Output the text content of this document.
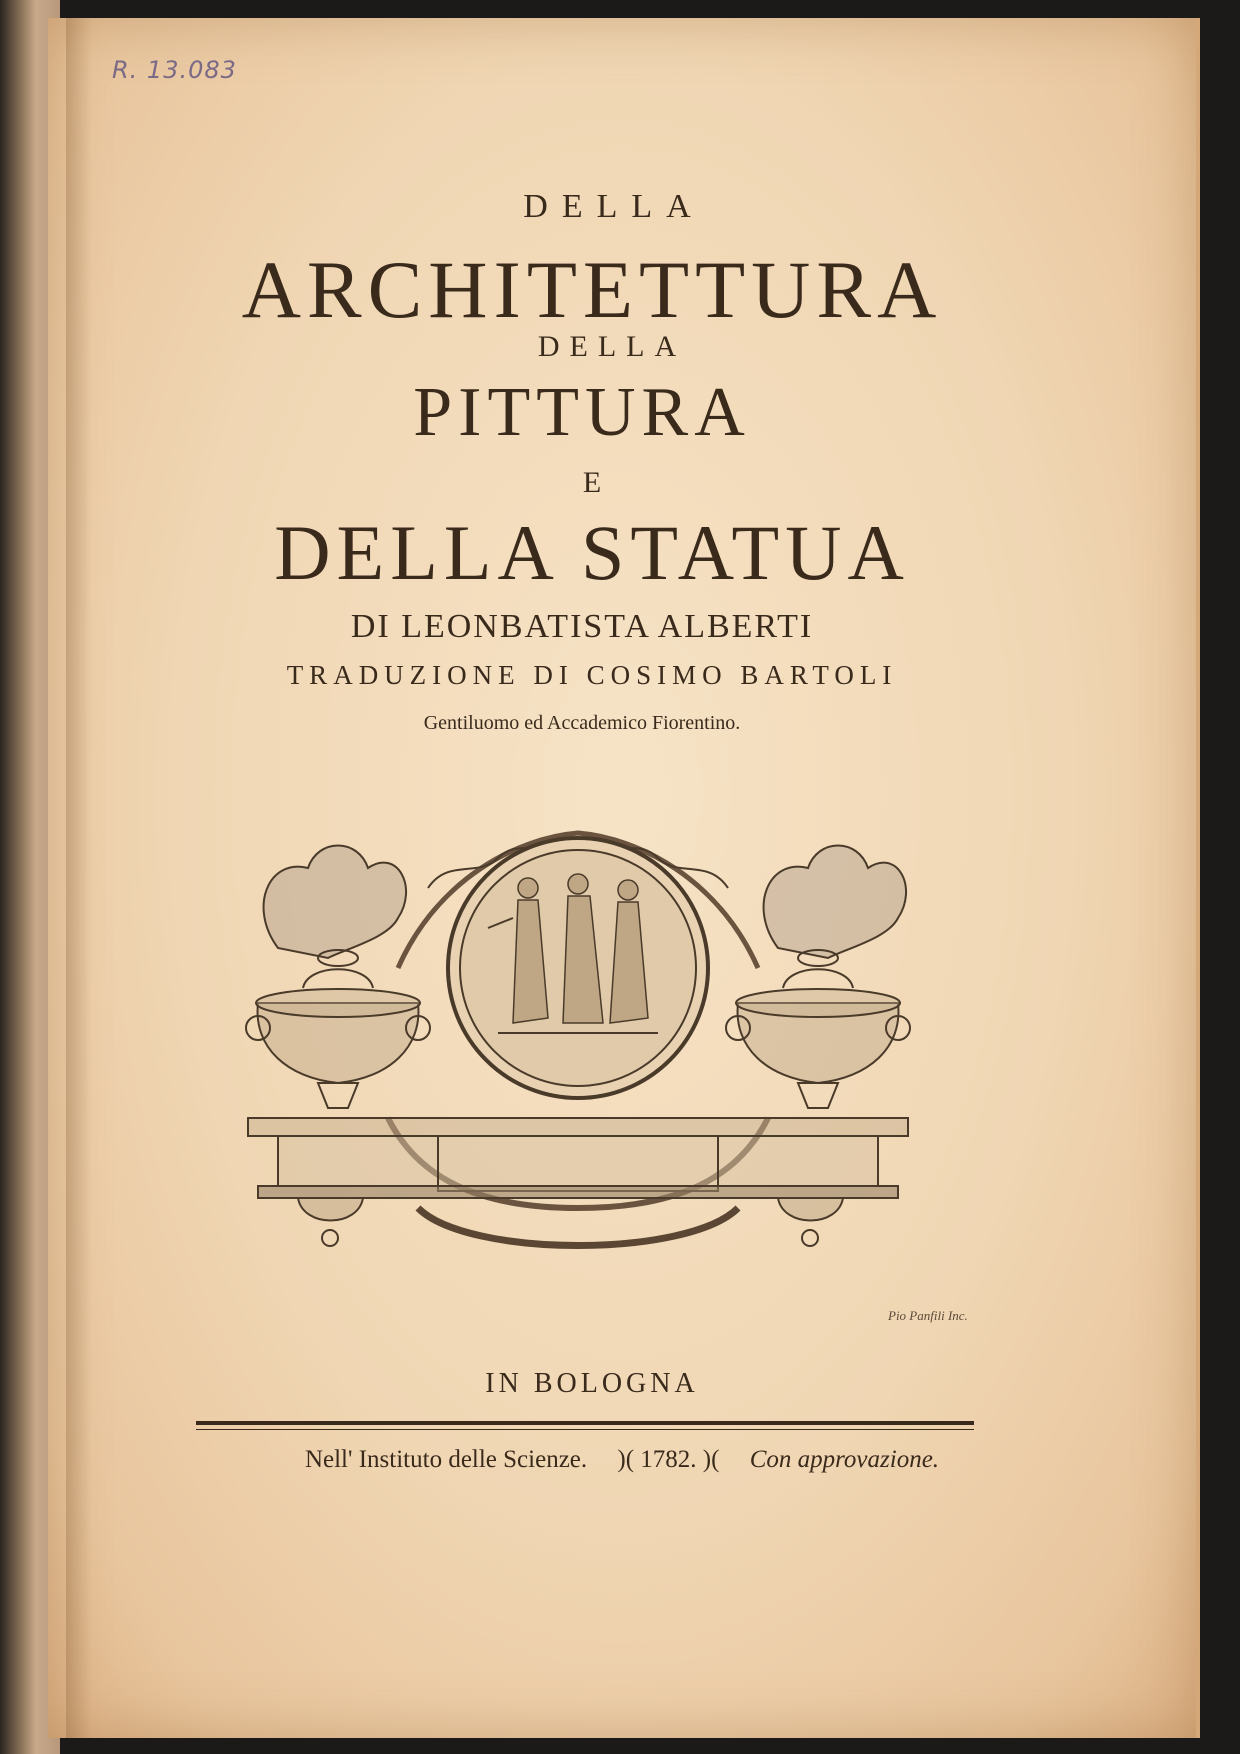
R. 13.083
DELLA
ARCHITETTURA
DELLA
PITTURA
E
DELLA STATUA
DI LEONBATISTA ALBERTI
TRADUZIONE DI COSIMO BARTOLI
Gentiluomo ed Accademico Fiorentino.
Pio Panfili Inc.
IN BOLOGNA
Nell' Instituto delle Scienze. )( 1782. )( Con approvazione.
